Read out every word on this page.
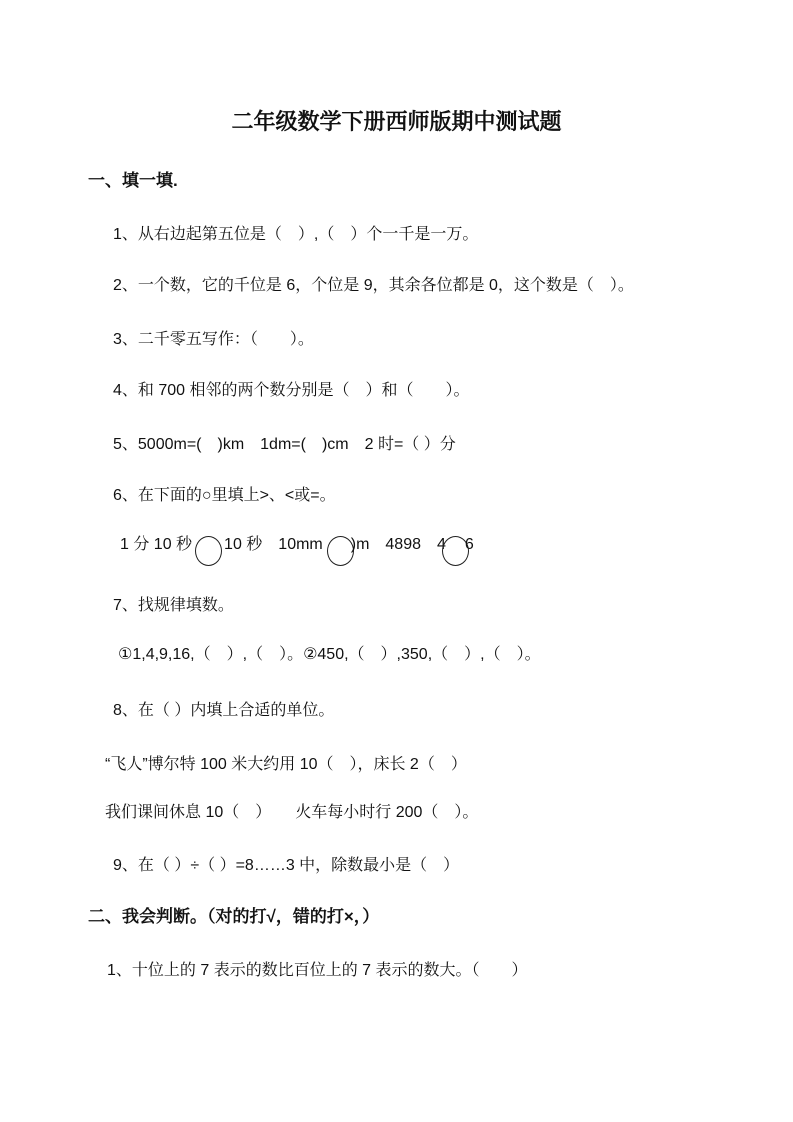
二年级数学下册西师版期中测试题
一、填一填.
1、从右边起第五位是（　）,（　）个一千是一万。
2、一个数，它的千位是 6，个位是 9，其余各位都是 0，这个数是（　）。
3、二千零五写作：（　　）。
4、和 700 相邻的两个数分别是（　）和（　　）。
5、5000m=(　)km　1dm=(　)cm　2 时=（ ）分
6、在下面的○里填上>、<或=。
1 分 10 秒 10 秒　10mm )m　4898　4 6
7、找规律填数。
①1,4,9,16,（　）,（　）。②450,（　）,350,（　）,（　）。
8、在（ ）内填上合适的单位。
“飞人”博尔特 100 米大约用 10（　），床长 2（　）
我们课间休息 10（　）　　火车每小时行 200（　）。
9、在（ ）÷（ ）=8……3 中，除数最小是（　）
二、我会判断。（对的打√，错的打×，）
1、十位上的 7 表示的数比百位上的 7 表示的数大。（　　）
